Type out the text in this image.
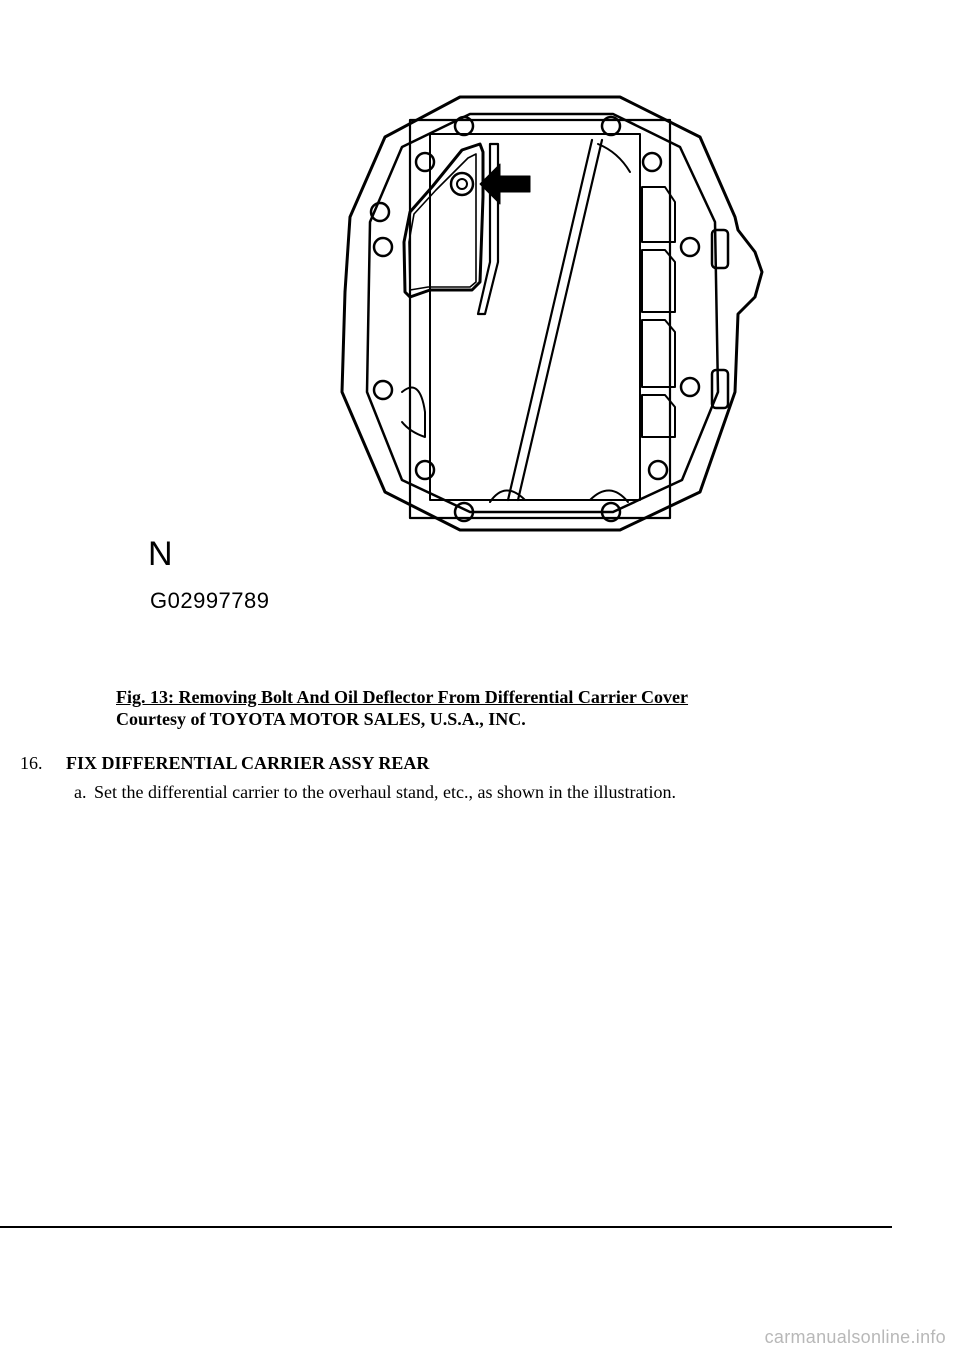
N
G02997789
Fig. 13: Removing Bolt And Oil Deflector From Differential Carrier Cover
Courtesy of TOYOTA MOTOR SALES, U.S.A., INC.
16. FIX DIFFERENTIAL CARRIER ASSY REAR
a. Set the differential carrier to the overhaul stand, etc., as shown in the illustration.
carmanualsonline.info
